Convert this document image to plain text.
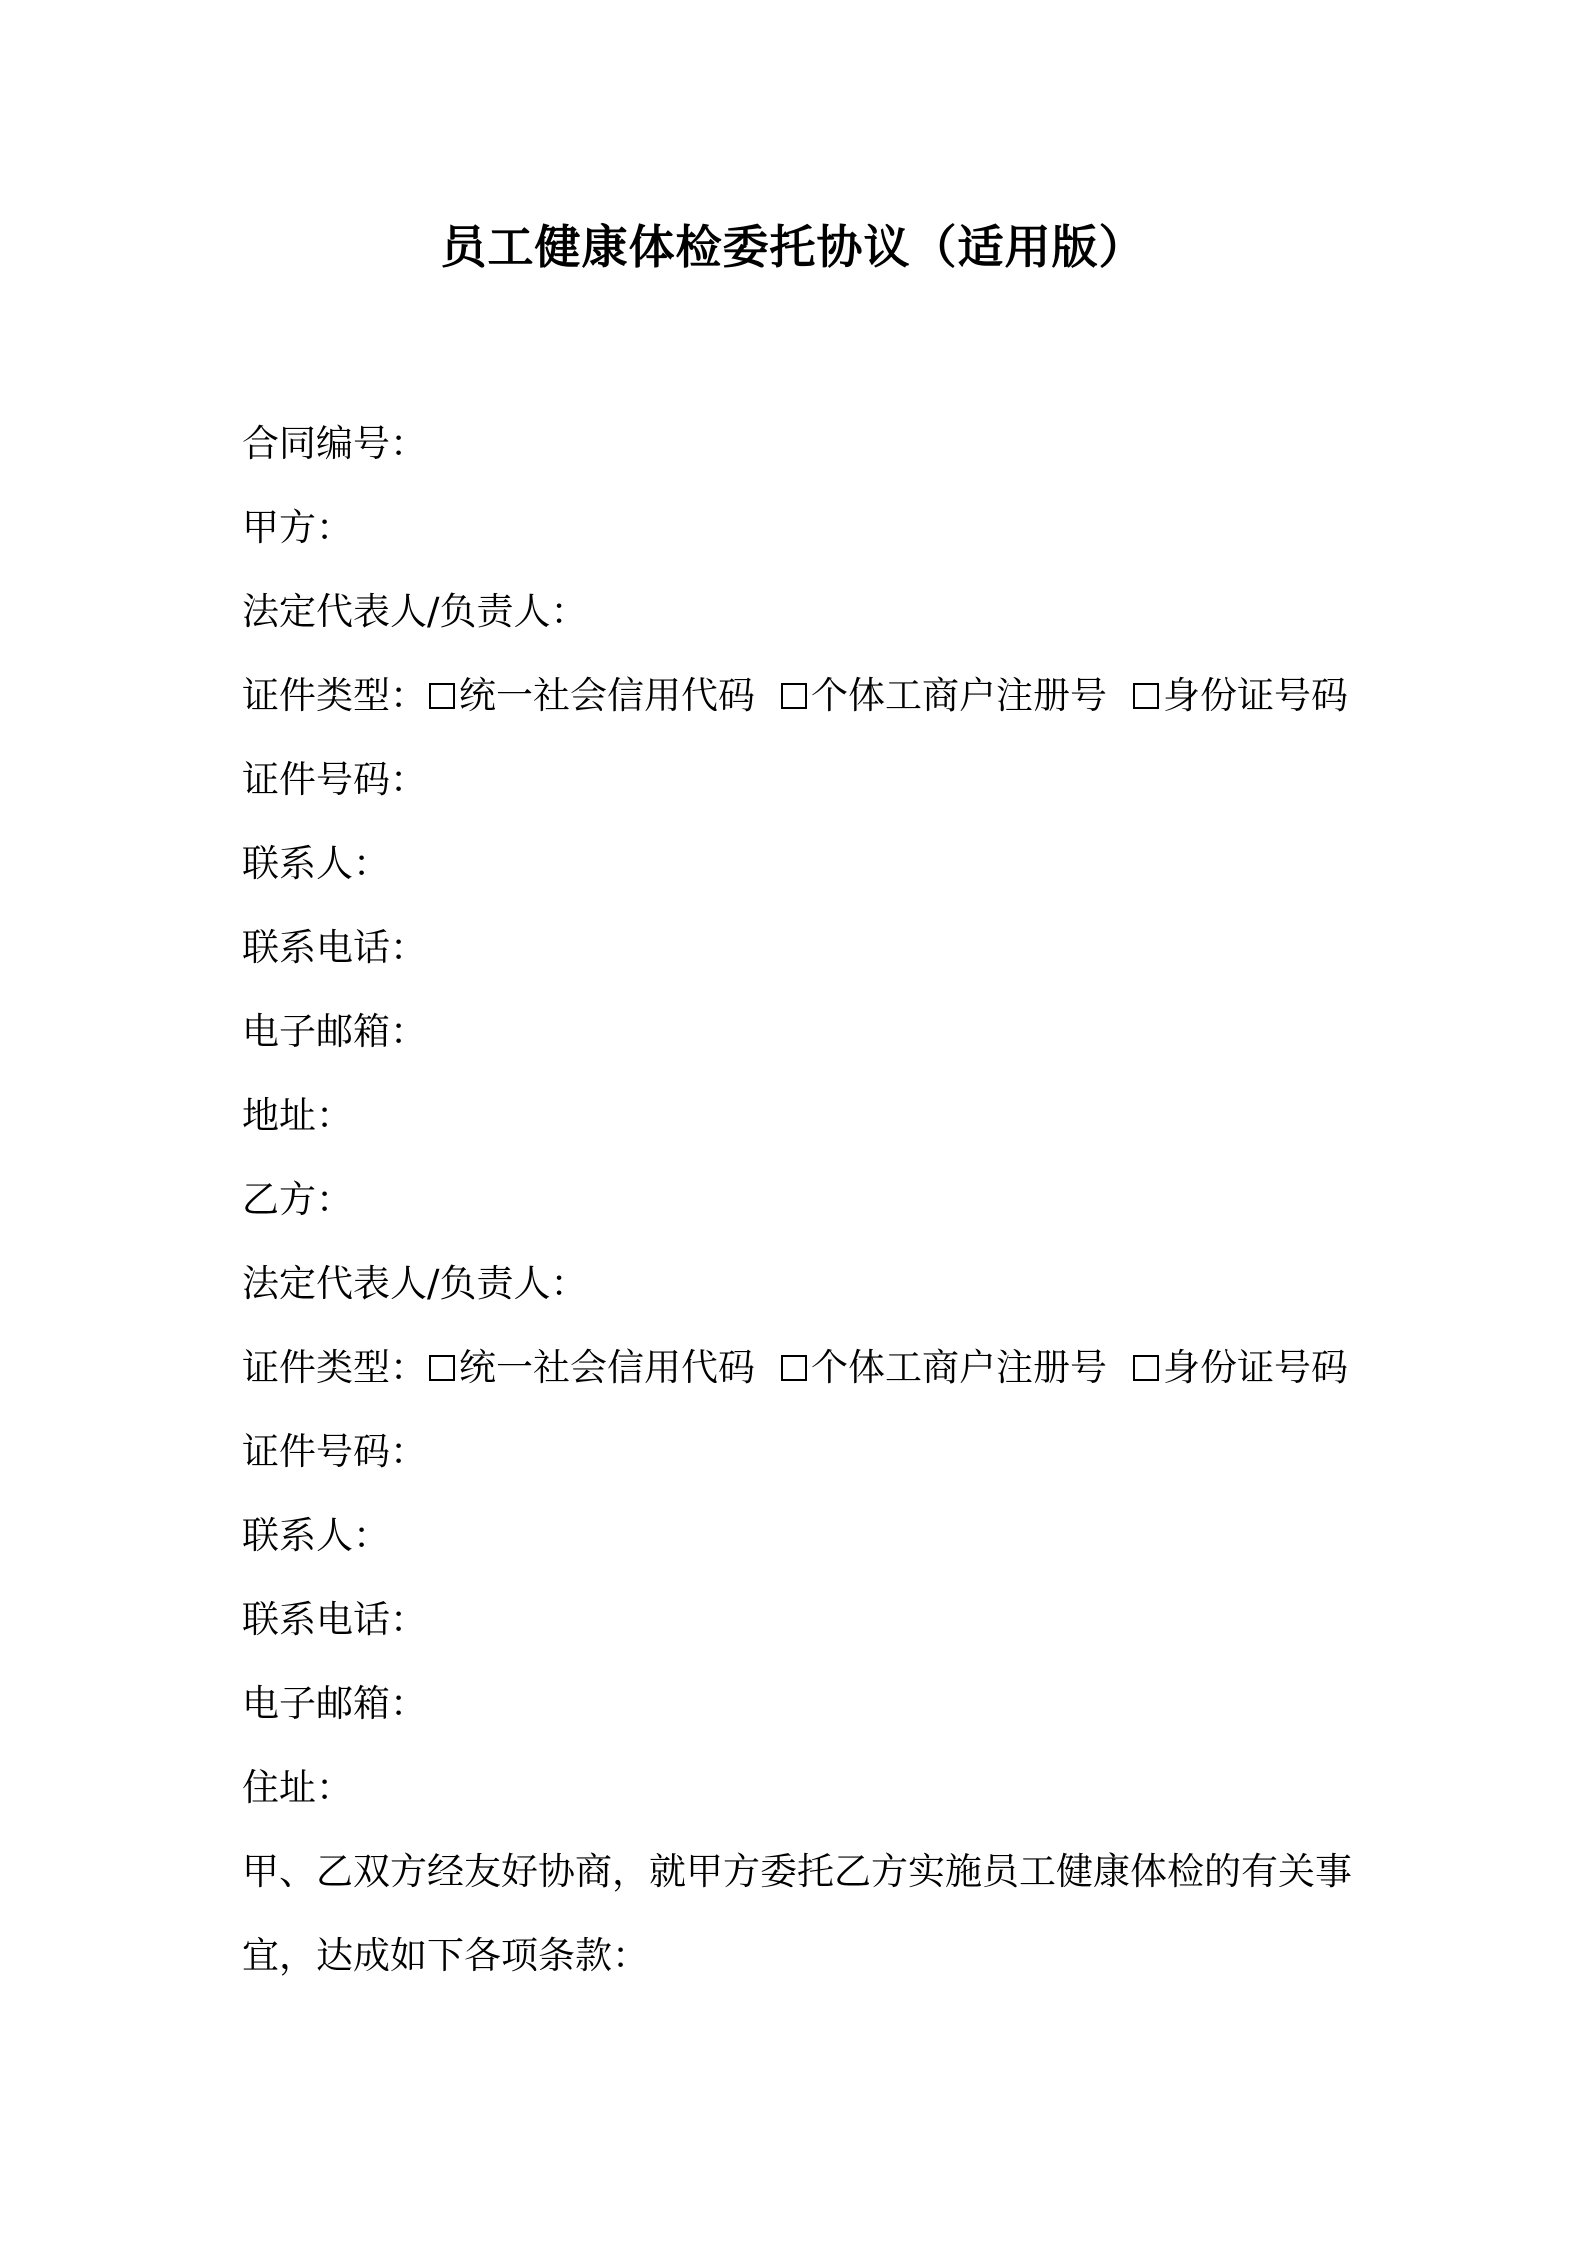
员工健康体检委托协议（适用版）
合同编号 ：
甲方 ：
法定代表人/负责人 ：
证件类型 ： 统一社会信用代码 个体工商户注册号 身份证号码
证件号码 ：
联系人 ：
联系电话 ：
电子邮箱 ：
地址 ：
乙方 ：
法定代表人/负责人 ：
证件类型 ： 统一社会信用代码 个体工商户注册号 身份证号码
证件号码 ：
联系人 ：
联系电话 ：
电子邮箱 ：
住址 ：
甲、乙双方经友好协商，就甲方委托乙方实施员工健康体检的有关事宜，达成如下各项条款：
